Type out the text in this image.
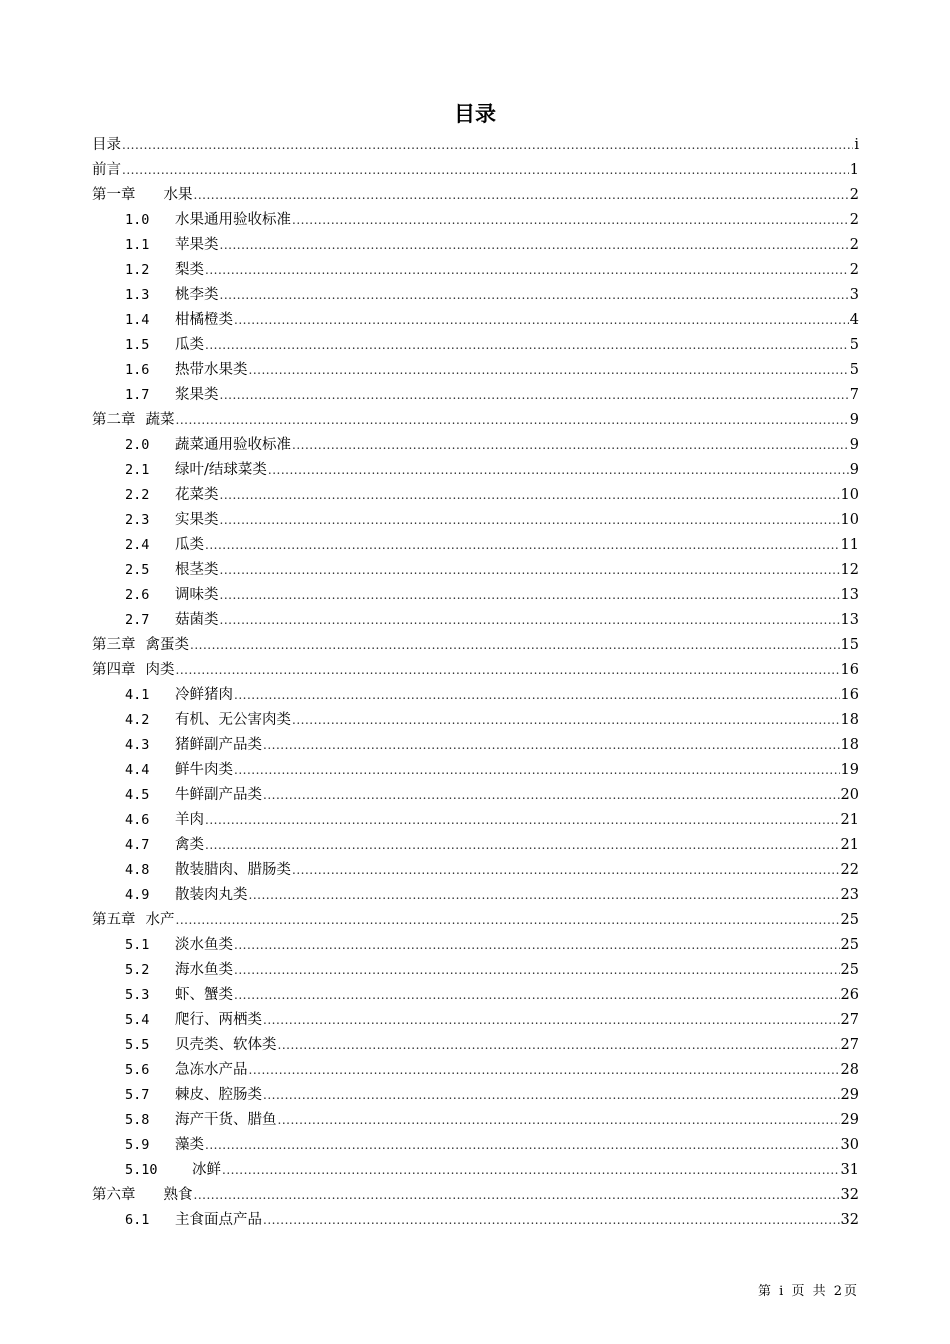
目录
目录 .....	i
前言 .....	1
第一章 水果 .....	2
1.0	水果通用验收标准 .....	2
1.1	苹果类 .....	2
1.2	梨类 .....	2
1.3	桃李类 .....	3
1.4	柑橘橙类 .....	4
1.5	瓜类 .....	5
1.6	热带水果类 .....	5
1.7	浆果类 .....	7
第二章 蔬菜 .....	9
2.0	蔬菜通用验收标准 .....	9
2.1	绿叶/结球菜类 .....	9
2.2	花菜类 .....	10
2.3	实果类 .....	10
2.4	瓜类 .....	11
2.5	根茎类 .....	12
2.6	调味类 .....	13
2.7	菇菌类 .....	13
第三章 禽蛋类 .....	15
第四章 肉类 .....	16
4.1	冷鲜猪肉 .....	16
4.2	有机、无公害肉类 .....	18
4.3	猪鲜副产品类 .....	18
4.4	鲜牛肉类 .....	19
4.5	牛鲜副产品类 .....	20
4.6	羊肉 .....	21
4.7	禽类 .....	21
4.8	散装腊肉、腊肠类 .....	22
4.9	散装肉丸类 .....	23
第五章 水产 .....	25
5.1	淡水鱼类 .....	25
5.2	海水鱼类 .....	25
5.3	虾、蟹类 .....	26
5.4	爬行、两栖类 .....	27
5.5	贝壳类、软体类 .....	27
5.6	急冻水产品 .....	28
5.7	棘皮、腔肠类 .....	29
5.8	海产干货、腊鱼 .....	29
5.9	藻类 .....	30
5.10	冰鲜 .....	31
第六章 熟食 .....	32
6.1	主食面点产品 .....	32
第 i 页 共 2页
